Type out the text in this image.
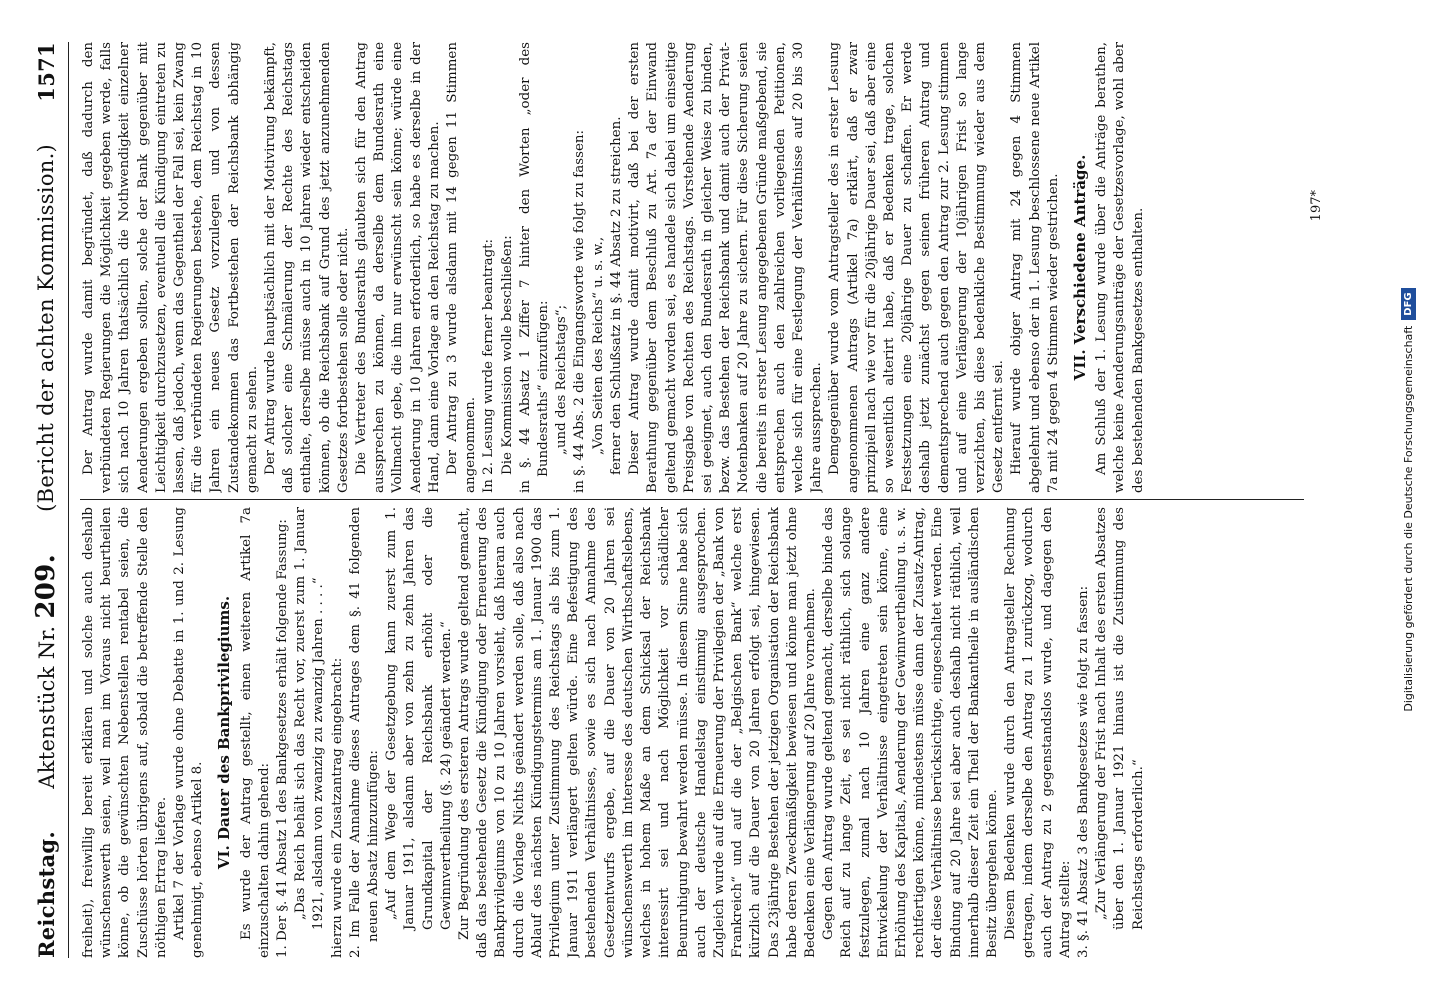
Reichstag.
Aktenstück Nr. 209.
(Bericht der achten Kommission.)
1571

freiheit), freiwillig bereit erklären und solche auch deshalb wünschenswerth seien, weil man im Voraus nicht beurtheilen könne, ob die gewünschten Nebenstellen rentabel seien, die Zuschüsse hörten übrigens auf, sobald die betreffende Stelle den nöthigen Ertrag liefere. Artikel 7 der Vorlage wurde ohne Debatte in 1. und 2. Lesung genehmigt, ebenso Artikel 8. VI. Dauer des Bankprivilegiums. Es wurde der Antrag gestellt, einen weiteren Artikel 7a einzuschalten dahin gehend: 1. Der §. 41 Absatz 1 des Bankgesetzes erhält folgende Fassung: „Das Reich behält sich das Recht vor, zuerst zum 1. Januar 1921, alsdann von zwanzig zu zwanzig Jahren . . . .“ hierzu wurde ein Zusatzantrag eingebracht: 2. Im Falle der Annahme dieses Antrages dem §. 41 folgenden neuen Absatz hinzuzufügen: „Auf dem Wege der Gesetzgebung kann zuerst zum 1. Januar 1911, alsdann aber von zehn zu zehn Jahren das Grundkapital der Reichsbank erhöht oder die Gewinnvertheilung (§. 24) geändert werden.“ Zur Begründung des ersteren Antrags wurde geltend gemacht, daß das bestehende Gesetz die Kündigung oder Erneuerung des Bankprivilegiums von 10 zu 10 Jahren vorsieht, daß hieran auch durch die Vorlage Nichts geändert werden solle, daß also nach Ablauf des nächsten Kündigungstermins am 1. Januar 1900 das Privilegium unter Zustimmung des Reichstags als bis zum 1. Januar 1911 verlängert gelten würde. Eine Befestigung des bestehenden Verhältnisses, sowie es sich nach Annahme des Gesetzentwurfs ergebe, auf die Dauer von 20 Jahren sei wünschenswerth im Interesse des deutschen Wirthschaftslebens, welches in hohem Maße an dem Schicksal der Reichsbank interessirt sei und nach Möglichkeit vor schädlicher Beunruhigung bewahrt werden müsse. In diesem Sinne habe sich auch der deutsche Handelstag einstimmig ausgesprochen. Zugleich wurde auf die Erneuerung der Privilegien der „Bank von Frankreich“ und auf die der „Belgischen Bank“ welche erst kürzlich auf die Dauer von 20 Jahren erfolgt sei, hingewiesen. Das 23jährige Bestehen der jetzigen Organisation der Reichsbank habe deren Zweckmäßigkeit bewiesen und könne man jetzt ohne Bedenken eine Verlängerung auf 20 Jahre vornehmen. Gegen den Antrag wurde geltend gemacht, derselbe binde das Reich auf zu lange Zeit, es sei nicht räthlich, sich solange festzulegen, zumal nach 10 Jahren eine ganz andere Entwickelung der Verhältnisse eingetreten sein könne, eine Erhöhung des Kapitals, Aenderung der Gewinnvertheilung u. s. w. rechtfertigen könne, mindestens müsse dann der Zusatz-Antrag, der diese Verhältnisse berücksichtige, eingeschaltet werden. Eine Bindung auf 20 Jahre sei aber auch deshalb nicht räthlich, weil innerhalb dieser Zeit ein Theil der Bankantheile in ausländischen Besitz übergehen könne. Diesem Bedenken wurde durch den Antragsteller Rechnung getragen, indem derselbe den Antrag zu 1 zurückzog, wodurch auch der Antrag zu 2 gegenstandslos wurde, und dagegen den Antrag stellte: 3. §. 41 Absatz 3 des Bankgesetzes wie folgt zu fassen: „Zur Verlängerung der Frist nach Inhalt des ersten Absatzes über den 1. Januar 1921 hinaus ist die Zustimmung des Reichstags erforderlich.“

Der Antrag wurde damit begründet, daß dadurch den verbündeten Regierungen die Möglichkeit gegeben werde, falls sich nach 10 Jahren thatsächlich die Nothwendigkeit einzelner Aenderungen ergeben sollten, solche der Bank gegenüber mit Leichtigkeit durchzusetzen, eventuell die Kündigung eintreten zu lassen, daß jedoch, wenn das Gegentheil der Fall sei, kein Zwang für die verbündeten Regierungen bestehe, dem Reichstag in 10 Jahren ein neues Gesetz vorzulegen und von dessen Zustandekommen das Fortbestehen der Reichsbank abhängig gemacht zu sehen. Der Antrag wurde hauptsächlich mit der Motivirung bekämpft, daß solcher eine Schmälerung der Rechte des Reichstags enthalte, derselbe müsse auch in 10 Jahren wieder entscheiden können, ob die Reichsbank auf Grund des jetzt anzunehmenden Gesetzes fortbestehen solle oder nicht. Die Vertreter des Bundesraths glaubten sich für den Antrag aussprechen zu können, da derselbe dem Bundesrath eine Vollmacht gebe, die ihm nur erwünscht sein könne; würde eine Aenderung in 10 Jahren erforderlich, so habe es derselbe in der Hand, dann eine Vorlage an den Reichstag zu machen. Der Antrag zu 3 wurde alsdann mit 14 gegen 11 Stimmen angenommen. In 2. Lesung wurde ferner beantragt: Die Kommission wolle beschließen: in §. 44 Absatz 1 Ziffer 7 hinter den Worten „oder des Bundesraths“ einzufügen: „und des Reichstags“; in §. 44 Abs. 2 die Eingangsworte wie folgt zu fassen: „Von Seiten des Reichs“ u. s. w., ferner den Schlußsatz in §. 44 Absatz 2 zu streichen. Dieser Antrag wurde damit motivirt, daß bei der ersten Berathung gegenüber dem Beschluß zu Art. 7a der Einwand geltend gemacht worden sei, es handele sich dabei um einseitige Preisgabe von Rechten des Reichstags. Vorstehende Aenderung sei geeignet, auch den Bundesrath in gleicher Weise zu binden, bezw. das Bestehen der Reichsbank und damit auch der Privat-Notenbanken auf 20 Jahre zu sichern. Für diese Sicherung seien die bereits in erster Lesung angegebenen Gründe maßgebend, sie entsprechen auch den zahlreichen vorliegenden Petitionen, welche sich für eine Festlegung der Verhältnisse auf 20 bis 30 Jahre aussprechen. Demgegenüber wurde vom Antragsteller des in erster Lesung angenommenen Antrags (Artikel 7a) erklärt, daß er zwar prinzipiell nach wie vor für die 20jährige Dauer sei, daß aber eine so wesentlich alterirt habe, daß er Bedenken trage, solchen Festsetzungen eine 20jährige Dauer zu schaffen. Er werde deshalb jetzt zunächst gegen seinen früheren Antrag und dementsprechend auch gegen den Antrag zur 2. Lesung stimmen und auf eine Verlängerung der 10jährigen Frist so lange verzichten, bis diese bedenkliche Bestimmung wieder aus dem Gesetz entfernt sei. Hierauf wurde obiger Antrag mit 24 gegen 4 Stimmen abgelehnt und ebenso der in 1. Lesung beschlossene neue Artikel 7a mit 24 gegen 4 Stimmen wieder gestrichen. VII. Verschiedene Anträge. Am Schluß der 1. Lesung wurde über die Anträge berathen, welche keine Aenderungsanträge der Gesetzesvorlage, wohl aber des bestehenden Bankgesetzes enthalten.

197*
Digitalisierung gefördert durch die Deutsche Forschungsgemeinschaft
DFG
